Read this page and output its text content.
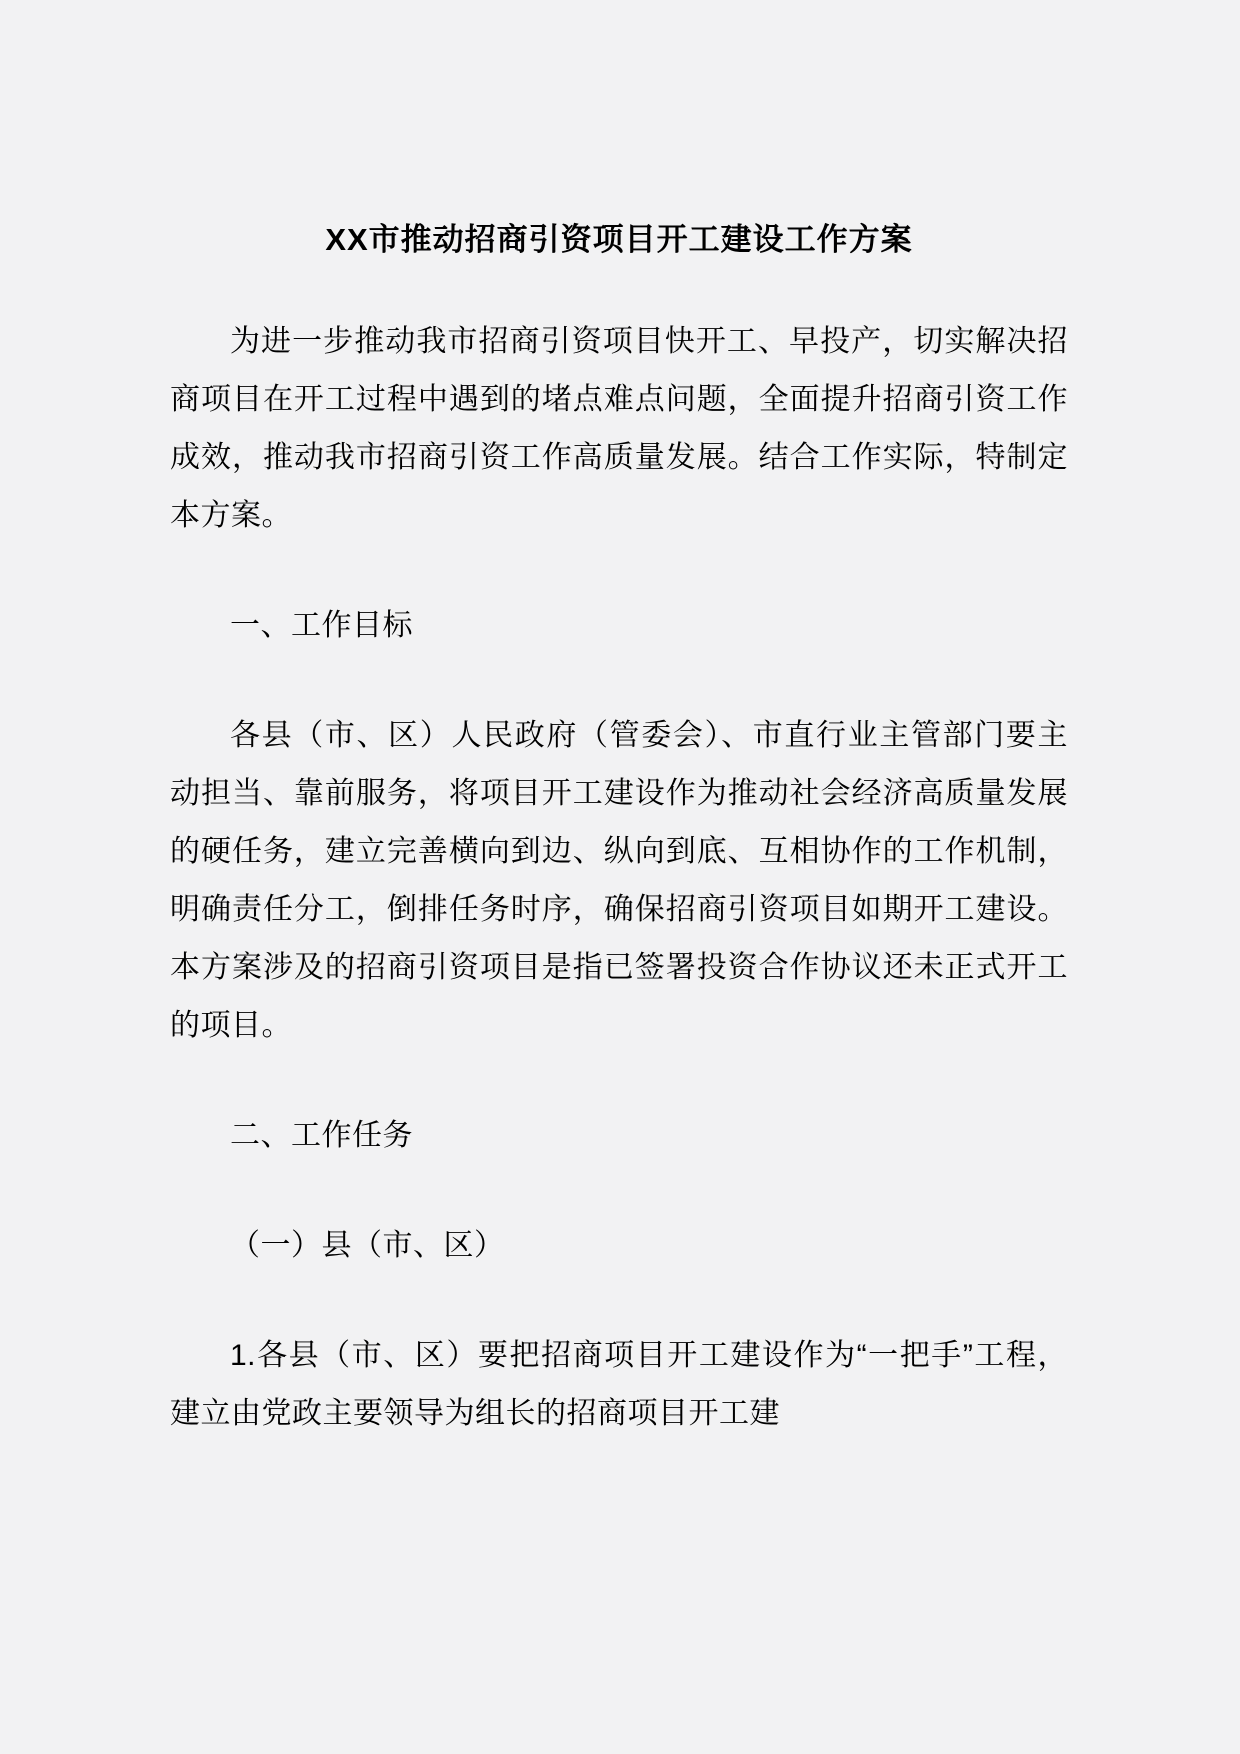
XX市推动招商引资项目开工建设工作方案

为进一步推动我市招商引资项目快开工、早投产，切实解决招商项目在开工过程中遇到的堵点难点问题，全面提升招商引资工作成效，推动我市招商引资工作高质量发展。结合工作实际，特制定本方案。

一、工作目标

各县（市、区）人民政府（管委会）、市直行业主管部门要主动担当、靠前服务，将项目开工建设作为推动社会经济高质量发展的硬任务，建立完善横向到边、纵向到底、互相协作的工作机制，明确责任分工，倒排任务时序，确保招商引资项目如期开工建设。本方案涉及的招商引资项目是指已签署投资合作协议还未正式开工的项目。

二、工作任务

（一）县（市、区）

1.各县（市、区）要把招商项目开工建设作为“一把手”工程，建立由党政主要领导为组长的招商项目开工建
